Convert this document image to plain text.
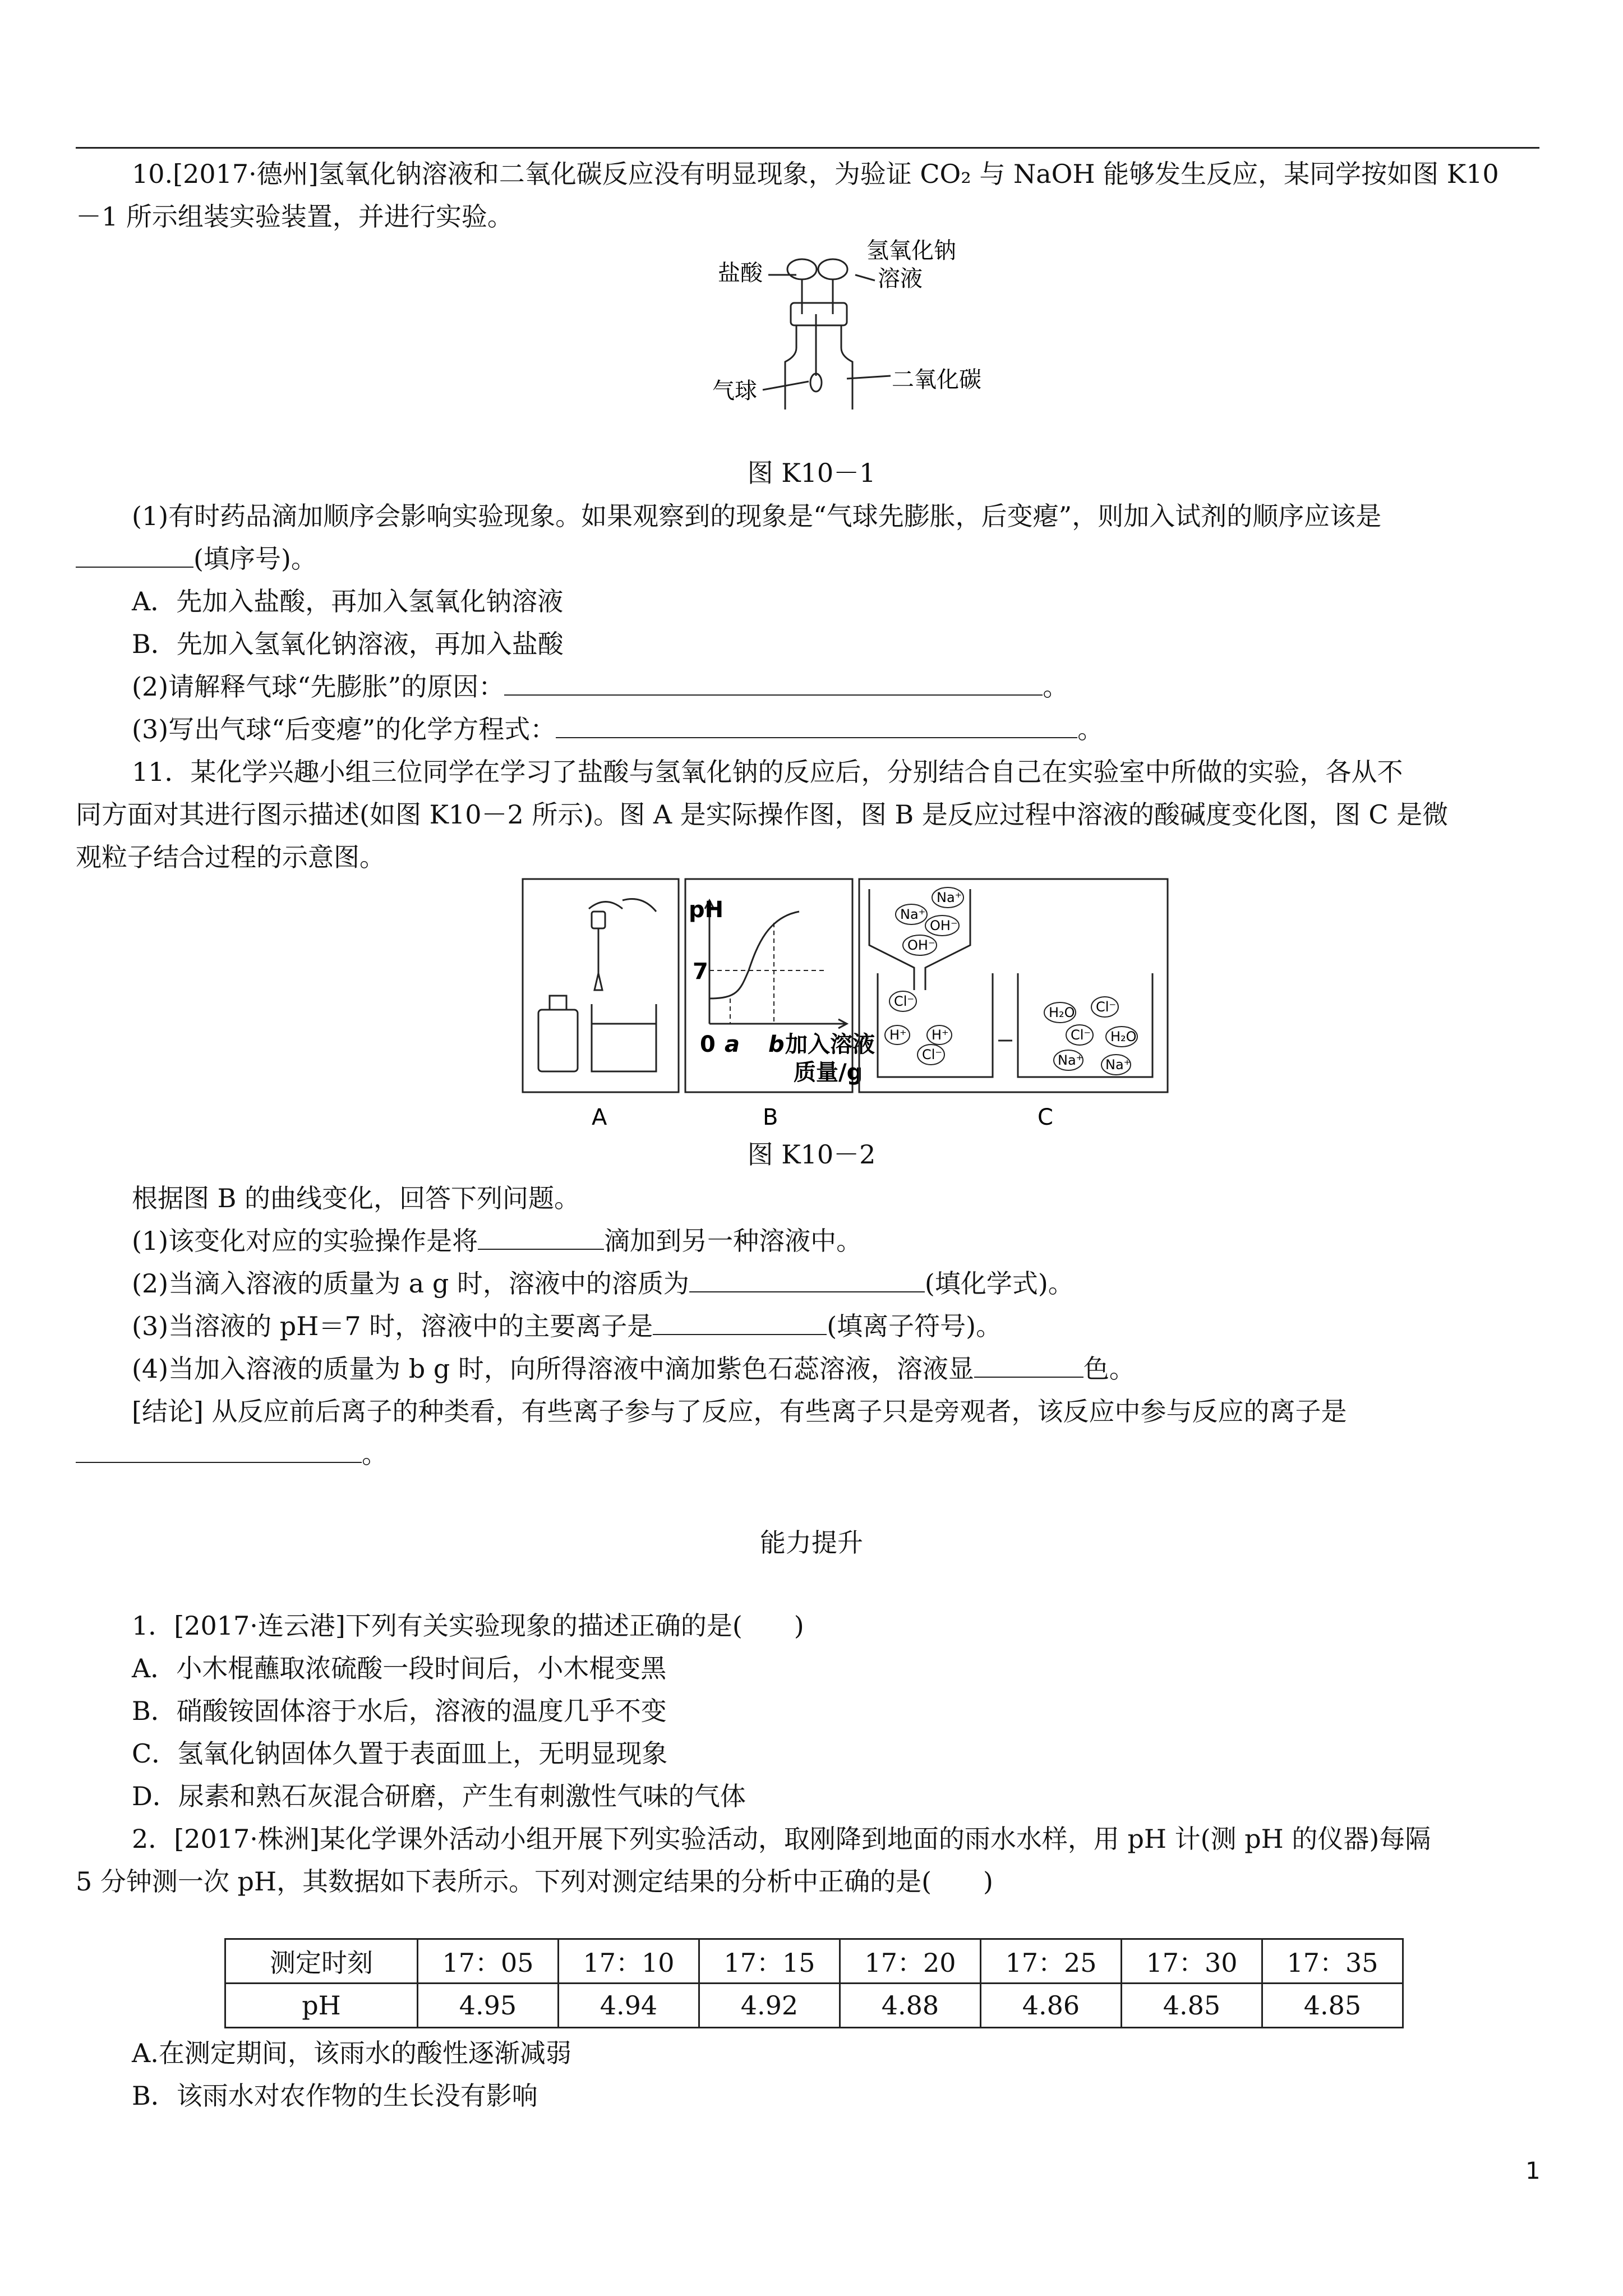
10.[2017·德州]氢氧化钠溶液和二氧化碳反应没有明显现象，为验证 CO₂ 与 NaOH 能够发生反应，某同学按如图 K10
－1 所示组装实验装置，并进行实验。
盐酸
氢氧化钠
溶液
气球	二氧化碳
图 K10－1
(1)有时药品滴加顺序会影响实验现象。如果观察到的现象是“气球先膨胀，后变瘪”，则加入试剂的顺序应该是
(填序号)。
A．先加入盐酸，再加入氢氧化钠溶液
B．先加入氢氧化钠溶液，再加入盐酸
(2)请解释气球“先膨胀”的原因：	。
(3)写出气球“后变瘪”的化学方程式：	。
11．某化学兴趣小组三位同学在学习了盐酸与氢氧化钠的反应后，分别结合自己在实验室中所做的实验，各从不
同方面对其进行图示描述(如图 K10－2 所示)。图 A 是实际操作图，图 B 是反应过程中溶液的酸碱度变化图，图 C 是微
观粒子结合过程的示意图。
A
pH
7
0 a b 加入溶液
质量/g
B
Na⁺
Na⁺
OH⁻
OH⁻
Cl⁻
H⁺ H⁺
Cl⁻
H₂O Cl⁻
Cl⁻ H₂O
Na⁺ Na⁺
C
图 K10－2
根据图 B 的曲线变化，回答下列问题。
(1)该变化对应的实验操作是将	滴加到另一种溶液中。
(2)当滴入溶液的质量为 a g 时，溶液中的溶质为	(填化学式)。
(3)当溶液的 pH＝7 时，溶液中的主要离子是	(填离子符号)。
(4)当加入溶液的质量为 b g 时，向所得溶液中滴加紫色石蕊溶液，溶液显	色。
[结论] 从反应前后离子的种类看，有些离子参与了反应，有些离子只是旁观者，该反应中参与反应的离子是
。
能力提升
1．[2017·连云港]下列有关实验现象的描述正确的是(　　)
A．小木棍蘸取浓硫酸一段时间后，小木棍变黑
B．硝酸铵固体溶于水后，溶液的温度几乎不变
C．氢氧化钠固体久置于表面皿上，无明显现象
D．尿素和熟石灰混合研磨，产生有刺激性气味的气体
2．[2017·株洲]某化学课外活动小组开展下列实验活动，取刚降到地面的雨水水样，用 pH 计(测 pH 的仪器)每隔
5 分钟测一次 pH，其数据如下表所示。下列对测定结果的分析中正确的是(　　)
测定时刻	17：05	17：10	17：15	17：20	17：25	17：30	17：35
pH	4.95	4.94	4.92	4.88	4.86	4.85	4.85
A.在测定期间，该雨水的酸性逐渐减弱
B．该雨水对农作物的生长没有影响
1
